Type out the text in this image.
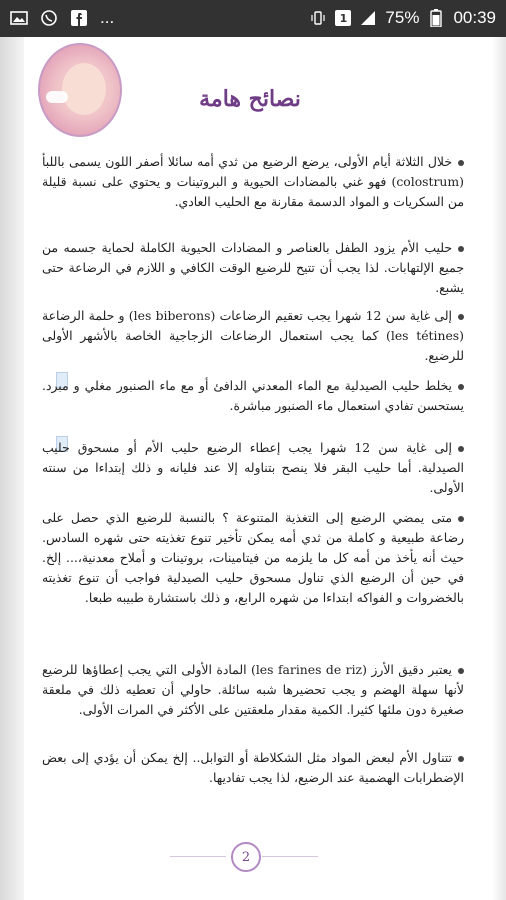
...	1 75% 00:39
نصائح هامة
خلال الثلاثة أيام الأولى، يرضع الرضيع من ثدي أمه سائلا أصفر اللون يسمى باللبأ (colostrum) فهو غني بالمضادات الحيوية و البروتينات و يحتوي على نسبة قليلة من السكريات و المواد الدسمة مقارنة مع الحليب العادي.
حليب الأم يزود الطفل بالعناصر و المضادات الحيوية الكاملة لحماية جسمه من جميع الإلتهابات. لذا يجب أن تتيح للرضيع الوقت الكافي و اللازم في الرضاعة حتى يشبع.
إلى غاية سن 12 شهرا يجب تعقيم الرضاعات (les biberons) و حلمة الرضاعة (les tétines) كما يجب استعمال الرضاعات الزجاجية الخاصة بالأشهر الأولى للرضيع.
يخلط حليب الصيدلية مع الماء المعدني الدافئ أو مع ماء الصنبور مغلي و مبرد. يستحسن تفادي استعمال ماء الصنبور مباشرة.
إلى غاية سن 12 شهرا يجب إعطاء الرضيع حليب الأم أو مسحوق حليب الصيدلية. أما حليب البقر فلا ينصح بتناوله إلا عند فليانه و ذلك إبتداءا من سنته الأولى.
متى يمضي الرضيع إلى التغذية المتنوعة ؟ بالنسبة للرضيع الذي حصل على رضاعة طبيعية و كاملة من ثدي أمه يمكن تأخير تنوع تغذيته حتى شهره السادس. حيث أنه يأخذ من أمه كل ما يلزمه من فيتامينات، بروتينات و أملاح معدنية،... إلخ. في حين أن الرضيع الذي تناول مسحوق حليب الصيدلية فواجب أن تنوع تغذيته بالخضروات و الفواكه ابتداءا من شهره الرابع، و ذلك باستشارة طبيبه طبعا.
يعتبر دقيق الأرز (les farines de riz) المادة الأولى التي يجب إعطاؤها للرضيع لأنها سهلة الهضم و يجب تحضيرها شبه سائلة. حاولي أن تعطيه ذلك في ملعقة صغيرة دون ملئها كثيرا. الكمية مقدار ملعقتين على الأكثر في المرات الأولى.
تتناول الأم لبعض المواد مثل الشكلاطة أو التوابل.. إلخ يمكن أن يؤدي إلى بعض الإضطرابات الهضمية عند الرضيع، لذا يجب تفاديها.
2
